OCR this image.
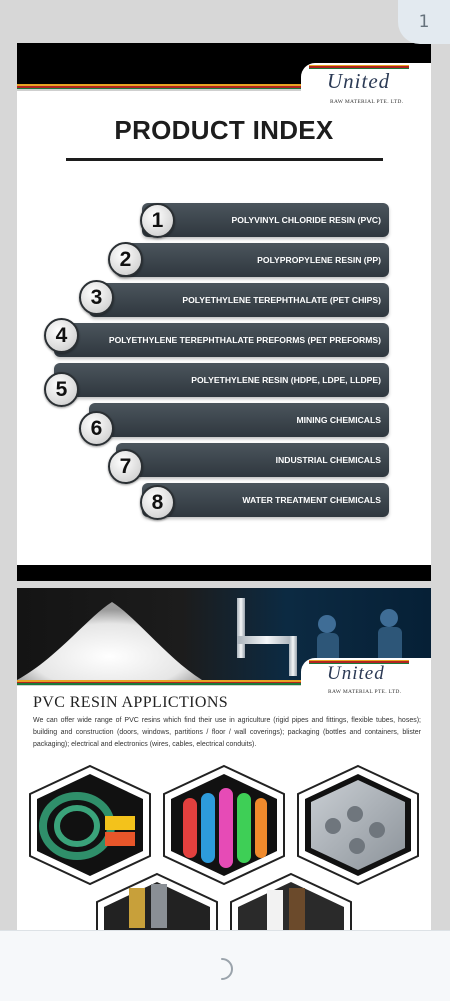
1
United
RAW MATERIAL PTE. LTD.
PRODUCT INDEX
POLYVINYL CHLORIDE RESIN (PVC)
POLYPROPYLENE RESIN (PP)
POLYETHYLENE TEREPHTHALATE (PET CHIPS)
POLYETHYLENE TEREPHTHALATE PREFORMS (PET PREFORMS)
POLYETHYLENE RESIN (HDPE, LDPE, LLDPE)
MINING CHEMICALS
INDUSTRIAL CHEMICALS
WATER TREATMENT CHEMICALS
1
2
3
4
5
6
7
8
United
RAW MATERIAL PTE. LTD.
PVC RESIN APPLICTIONS
We can offer wide range of PVC resins which find their use in agriculture (rigid pipes and fittings, flexible tubes, hoses); building and construction (doors, windows, partitions / floor / wall coverings); packaging (bottles and containers, blister packaging); electrical and electronics (wires, cables, electrical conduits).
